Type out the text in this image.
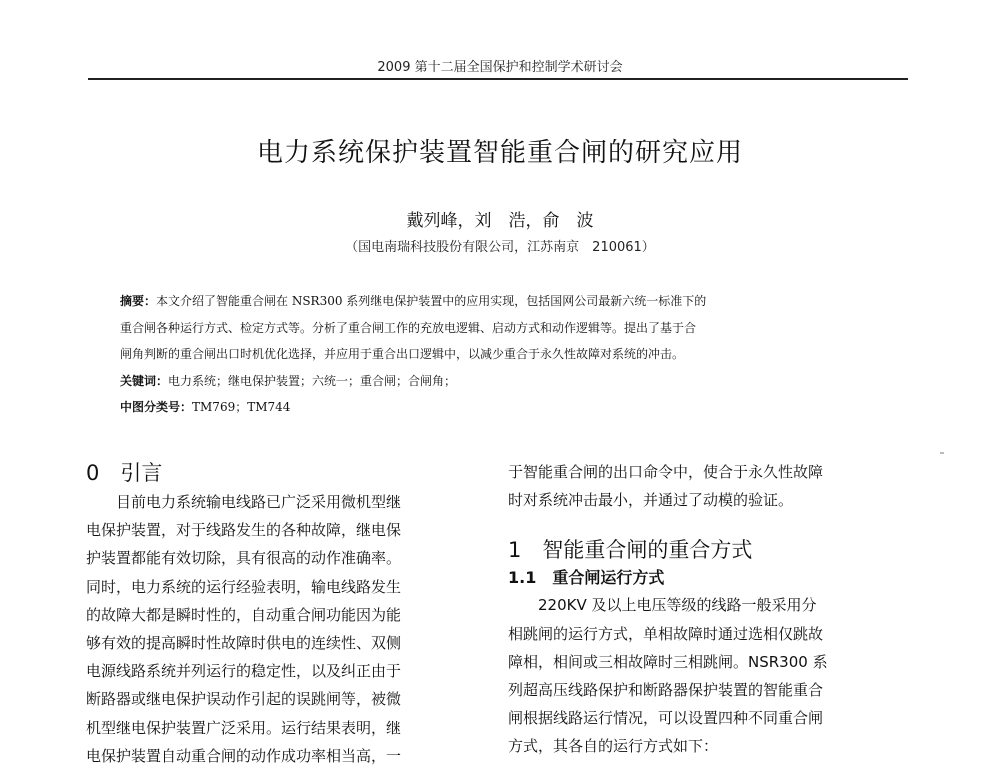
2009 第十二届全国保护和控制学术研讨会
电力系统保护装置智能重合闸的研究应用
戴列峰，刘　浩，俞　波
（国电南瑞科技股份有限公司，江苏南京　210061）
摘要：本文介绍了智能重合闸在 NSR300 系列继电保护装置中的应用实现，包括国网公司最新六统一标准下的
重合闸各种运行方式、检定方式等。分析了重合闸工作的充放电逻辑、启动方式和动作逻辑等。提出了基于合
闸角判断的重合闸出口时机优化选择，并应用于重合出口逻辑中，以减少重合于永久性故障对系统的冲击。
关键词：电力系统；继电保护装置；六统一；重合闸；合闸角；
中图分类号：TM769；TM744
0　引言
　　目前电力系统输电线路已广泛采用微机型继
电保护装置，对于线路发生的各种故障，继电保
护装置都能有效切除，具有很高的动作准确率。
同时，电力系统的运行经验表明，输电线路发生
的故障大都是瞬时性的，自动重合闸功能因为能
够有效的提高瞬时性故障时供电的连续性、双侧
电源线路系统并列运行的稳定性，以及纠正由于
断路器或继电保护误动作引起的误跳闸等，被微
机型继电保护装置广泛采用。运行结果表明，继
电保护装置自动重合闸的动作成功率相当高，一
于智能重合闸的出口命令中，使合于永久性故障
时对系统冲击最小，并通过了动模的验证。
1　智能重合闸的重合方式
1.1　重合闸运行方式
　　220KV 及以上电压等级的线路一般采用分
相跳闸的运行方式，单相故障时通过选相仅跳故
障相，相间或三相故障时三相跳闸。NSR300 系
列超高压线路保护和断路器保护装置的智能重合
闸根据线路运行情况，可以设置四种不同重合闸
方式，其各自的运行方式如下：
